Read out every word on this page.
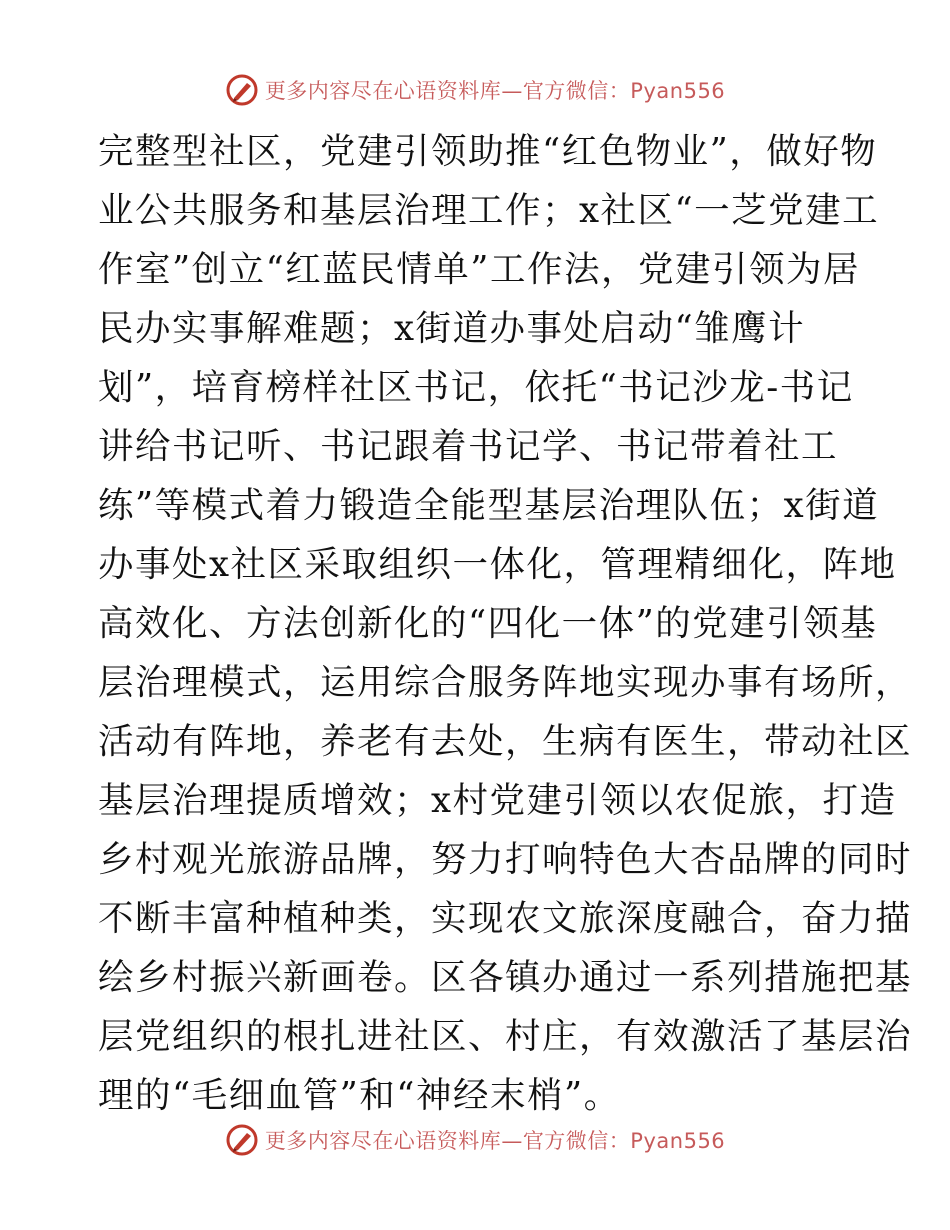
更多内容尽在心语资料库—官方微信：Pyan556
完整型社区，党建引领助推“红色物业”，做好物
业公共服务和基层治理工作；x社区“一芝党建工
作室”创立“红蓝民情单”工作法，党建引领为居
民办实事解难题；x街道办事处启动“雏鹰计
划”，培育榜样社区书记，依托“书记沙龙-书记
讲给书记听、书记跟着书记学、书记带着社工
练”等模式着力锻造全能型基层治理队伍；x街道
办事处x社区采取组织一体化，管理精细化，阵地
高效化、方法创新化的“四化一体”的党建引领基
层治理模式，运用综合服务阵地实现办事有场所，
活动有阵地，养老有去处，生病有医生，带动社区
基层治理提质增效；x村党建引领以农促旅，打造
乡村观光旅游品牌，努力打响特色大杏品牌的同时
不断丰富种植种类，实现农文旅深度融合，奋力描
绘乡村振兴新画卷。区各镇办通过一系列措施把基
层党组织的根扎进社区、村庄，有效激活了基层治
理的“毛细血管”和“神经末梢”。
更多内容尽在心语资料库—官方微信：Pyan556
